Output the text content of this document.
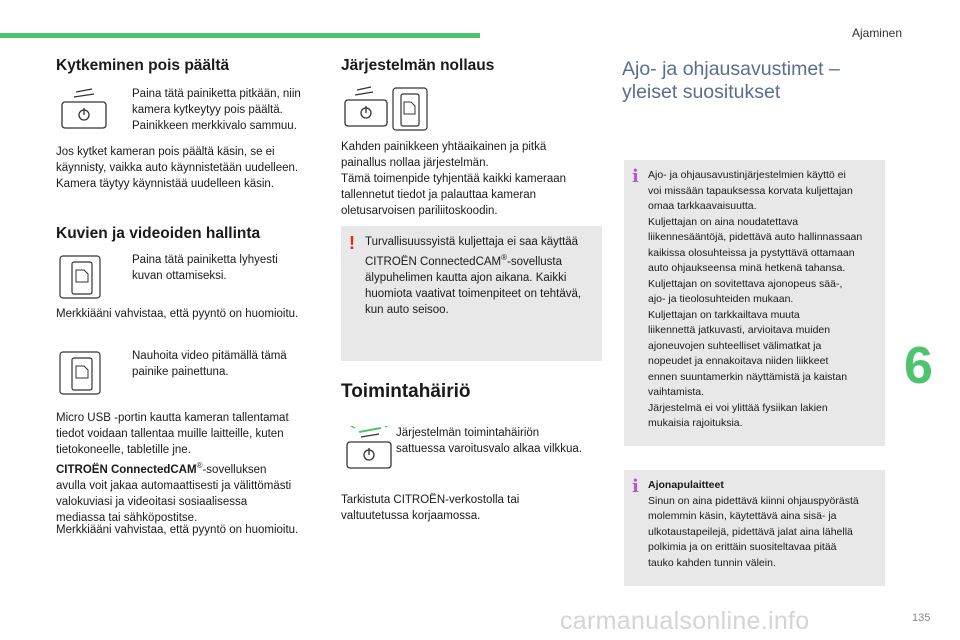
Ajaminen
6
135
carmanualsonline.info
Kytkeminen pois päältä
Paina tätä painiketta pitkään, niin
kamera kytkeytyy pois päältä.
Painikkeen merkkivalo sammuu.
Jos kytket kameran pois päältä käsin, se ei
käynnisty, vaikka auto käynnistetään uudelleen.
Kamera täytyy käynnistää uudelleen käsin.
Kuvien ja videoiden hallinta
Paina tätä painiketta lyhyesti
kuvan ottamiseksi.
Merkkiääni vahvistaa, että pyyntö on huomioitu.
Nauhoita video pitämällä tämä
painike painettuna.
Micro USB -portin kautta kameran tallentamat
tiedot voidaan tallentaa muille laitteille, kuten
tietokoneelle, tabletille jne.
CITROËN ConnectedCAM®-sovelluksen
avulla voit jakaa automaattisesti ja välittömästi
valokuviasi ja videoitasi sosiaalisessa
mediassa tai sähköpostitse.
Merkkiääni vahvistaa, että pyyntö on huomioitu.
Järjestelmän nollaus
Kahden painikkeen yhtäaikainen ja pitkä
painallus nollaa järjestelmän.
Tämä toimenpide tyhjentää kaikki kameraan
tallennetut tiedot ja palauttaa kameran
oletusarvoisen pariliitoskoodin.
! Turvallisuussyistä kuljettaja ei saa käyttää
CITROËN ConnectedCAM®-sovellusta
älypuhelimen kautta ajon aikana. Kaikki
huomiota vaativat toimenpiteet on tehtävä,
kun auto seisoo.
Toimintahäiriö
Järjestelmän toimintahäiriön
sattuessa varoitusvalo alkaa vilkkua.
Tarkistuta CITROËN-verkostolla tai
valtuutetussa korjaamossa.
Ajo- ja ohjausavustimet –
yleiset suositukset
i Ajo- ja ohjausavustinjärjestelmien käyttö ei
voi missään tapauksessa korvata kuljettajan
omaa tarkkaavaisuutta.
Kuljettajan on aina noudatettava
liikennesääntöjä, pidettävä auto hallinnassaan
kaikissa olosuhteissa ja pystyttävä ottamaan
auto ohjaukseensa minä hetkenä tahansa.
Kuljettajan on sovitettava ajonopeus sää-,
ajo- ja tieolosuhteiden mukaan.
Kuljettajan on tarkkailtava muuta
liikennettä jatkuvasti, arvioitava muiden
ajoneuvojen suhteelliset välimatkat ja
nopeudet ja ennakoitava niiden liikkeet
ennen suuntamerkin näyttämistä ja kaistan
vaihtamista.
Järjestelmä ei voi ylittää fysiikan lakien
mukaisia rajoituksia.
i Ajonapulaitteet
Sinun on aina pidettävä kiinni ohjauspyörästä
molemmin käsin, käytettävä aina sisä- ja
ulkotaustapeilejä, pidettävä jalat aina lähellä
polkimia ja on erittäin suositeltavaa pitää
tauko kahden tunnin välein.
